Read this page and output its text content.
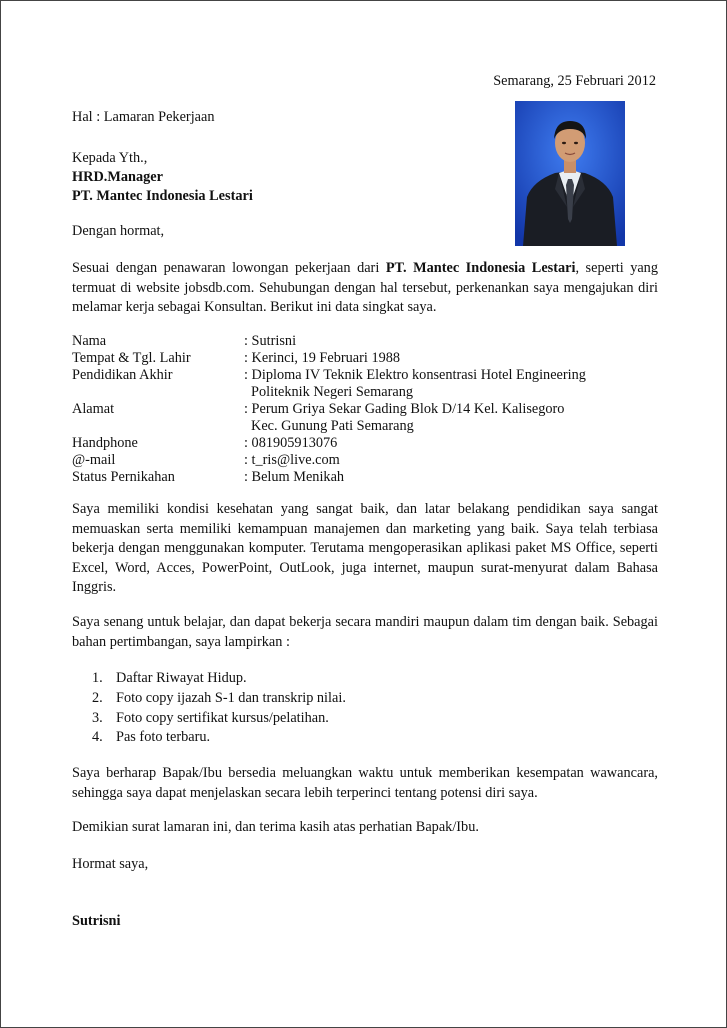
Semarang, 25 Februari 2012
Hal : Lamaran Pekerjaan
Kepada Yth.,
HRD.Manager
PT. Mantec Indonesia Lestari
Dengan hormat,
Sesuai dengan penawaran lowongan pekerjaan dari PT. Mantec Indonesia Lestari, seperti yang termuat di website jobsdb.com. Sehubungan dengan hal tersebut, perkenankan saya mengajukan diri melamar kerja sebagai Konsultan. Berikut ini data singkat saya.
Nama	: Sutrisni
Tempat & Tgl. Lahir	: Kerinci, 19 Februari 1988
Pendidikan Akhir	: Diploma IV Teknik Elektro konsentrasi Hotel Engineering
Politeknik Negeri Semarang
Alamat	: Perum Griya Sekar Gading Blok D/14 Kel. Kalisegoro
Kec. Gunung Pati Semarang
Handphone	: 081905913076
@-mail	: t_ris@live.com
Status Pernikahan	: Belum Menikah
Saya memiliki kondisi kesehatan yang sangat baik, dan latar belakang pendidikan saya sangat memuaskan serta memiliki kemampuan manajemen dan marketing yang baik. Saya telah terbiasa bekerja dengan menggunakan komputer. Terutama mengoperasikan aplikasi paket MS Office, seperti Excel, Word, Acces, PowerPoint, OutLook, juga internet, maupun surat-menyurat dalam Bahasa Inggris.
Saya senang untuk belajar, dan dapat bekerja secara mandiri maupun dalam tim dengan baik. Sebagai bahan pertimbangan, saya lampirkan :
1. Daftar Riwayat Hidup.
2. Foto copy ijazah S-1 dan transkrip nilai.
3. Foto copy sertifikat kursus/pelatihan.
4. Pas foto terbaru.
Saya berharap Bapak/Ibu bersedia meluangkan waktu untuk memberikan kesempatan wawancara, sehingga saya dapat menjelaskan secara lebih terperinci tentang potensi diri saya.
Demikian surat lamaran ini, dan terima kasih atas perhatian Bapak/Ibu.
Hormat saya,
Sutrisni
